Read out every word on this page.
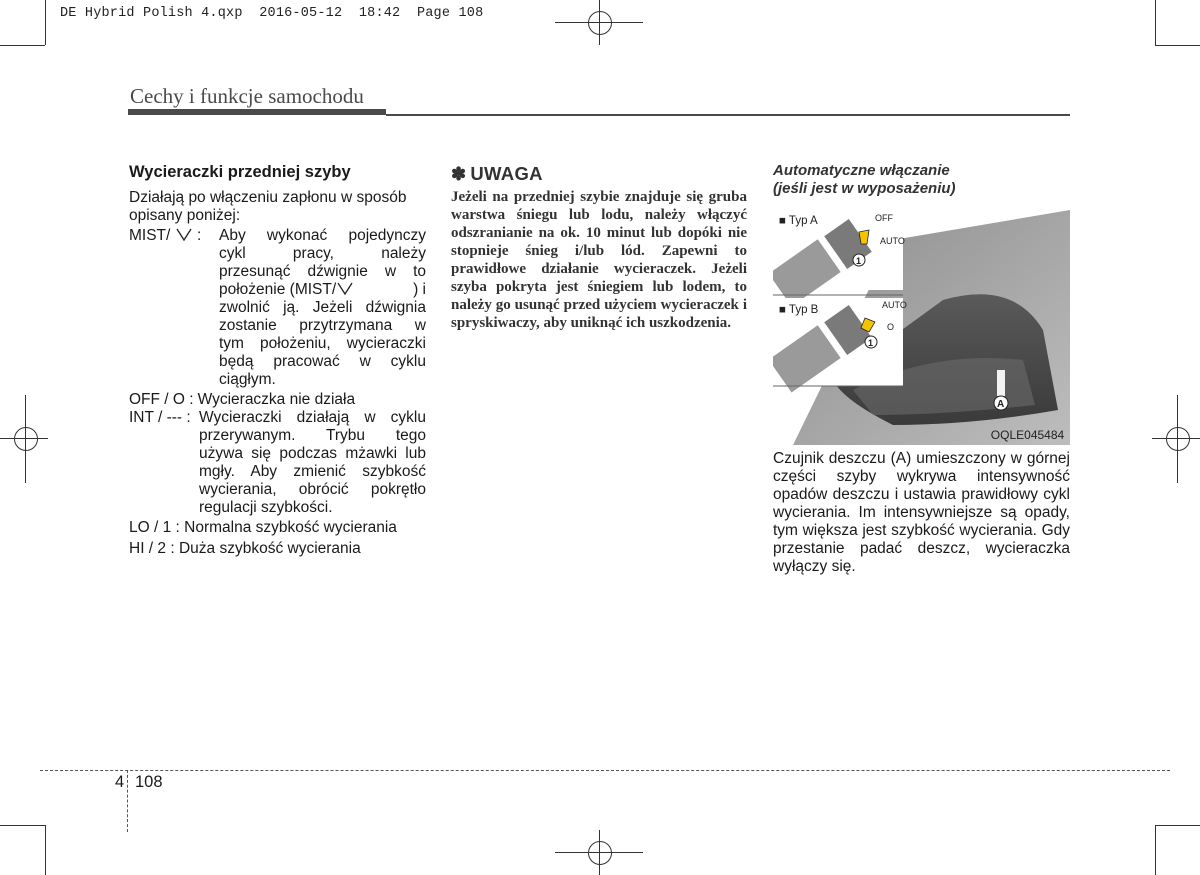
DE Hybrid Polish 4.qxp  2016-05-12  18:42  Page 108
Cechy i funkcje samochodu
Wycieraczki przedniej szyby
Działają po włączeniu zapłonu w sposób opisany poniżej:
MIST/ :	Aby wykonać pojedynczy
cykl pracy, należy
przesunąć dźwignie w to
położenie (MIST/	) i
zwolnić ją. Jeżeli dźwignia
zostanie przytrzymana w
tym położeniu, wycieraczki
będą pracować w cyklu
ciągłym.
OFF / O : Wycieraczka nie działa
INT / --- : Wycieraczki działają w cyklu
przerywanym. Trybu tego
używa się podczas mżawki lub
mgły. Aby zmienić szybkość
wycierania, obrócić pokrętło
regulacji szybkości.
LO / 1 : Normalna szybkość wycierania
HI / 2 : Duża szybkość wycierania
✽ UWAGA
Jeżeli na przedniej szybie znajduje się gruba warstwa śniegu lub lodu, należy włączyć odszranianie na ok. 10 minut lub dopóki nie stopnieje śnieg i/lub lód. Zapewni to prawidłowe działanie wycieraczek. Jeżeli szyba pokryta jest śniegiem lub lodem, to należy go usunąć przed użyciem wycieraczek i spryskiwaczy, aby uniknąć ich uszkodzenia.
Automatyczne włączanie
(jeśli jest w wyposażeniu)
■ Typ A	OFF
AUTO
1
■ Typ B	AUTO
O
1
A
OQLE045484
Czujnik deszczu (A) umieszczony w górnej części szyby wykrywa intensywność opadów deszczu i ustawia prawidłowy cykl wycierania. Im intensywniejsze są opady, tym większa jest szybkość wycierania. Gdy przestanie padać deszcz, wycieraczka wyłączy się.
4 108
